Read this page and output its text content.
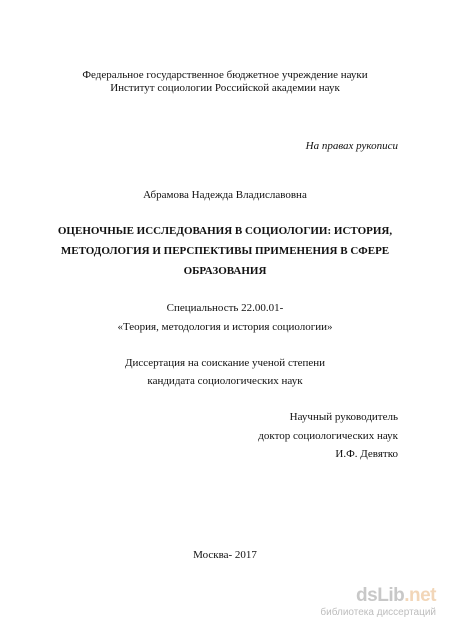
Федеральное государственное бюджетное учреждение науки
Институт социологии Российской академии наук
На правах рукописи
Абрамова Надежда Владиславовна
ОЦЕНОЧНЫЕ ИССЛЕДОВАНИЯ В СОЦИОЛОГИИ: ИСТОРИЯ,
МЕТОДОЛОГИЯ И ПЕРСПЕКТИВЫ ПРИМЕНЕНИЯ В СФЕРЕ
ОБРАЗОВАНИЯ
Специальность 22.00.01-
«Теория, методология и история социологии»
Диссертация на соискание ученой степени
кандидата социологических наук
Научный руководитель
доктор социологических наук
И.Ф. Девятко
Москва- 2017
dsLib.net
библиотека диссертаций
